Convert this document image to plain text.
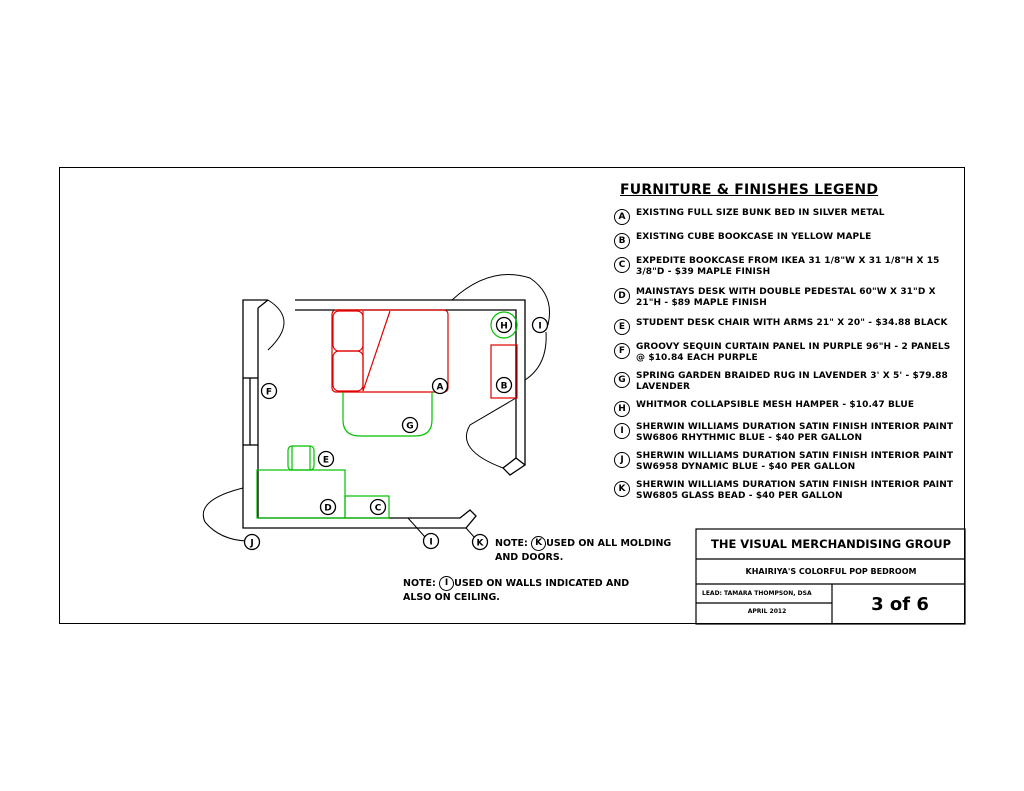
A	B
C
D
E
F
G
H	I
I
J	K
FURNITURE & FINISHES LEGEND
A	EXISTING FULL SIZE BUNK BED IN SILVER METAL
B	EXISTING CUBE BOOKCASE IN YELLOW MAPLE
C	EXPEDITE BOOKCASE FROM IKEA 31 1/8"W X 31 1/8"H X 15 3/8"D - $39 MAPLE FINISH
D	MAINSTAYS DESK WITH DOUBLE PEDESTAL 60"W X 31"D X 21"H - $89 MAPLE FINISH
E	STUDENT DESK CHAIR WITH ARMS 21" X 20" - $34.88 BLACK
F	GROOVY SEQUIN CURTAIN PANEL IN PURPLE 96"H - 2 PANELS @ $10.84 EACH PURPLE
G	SPRING GARDEN BRAIDED RUG IN LAVENDER 3' X 5' - $79.88 LAVENDER
H	WHITMOR COLLAPSIBLE MESH HAMPER - $10.47 BLUE
I	SHERWIN WILLIAMS DURATION SATIN FINISH INTERIOR PAINT SW6806 RHYTHMIC BLUE - $40 PER GALLON
J	SHERWIN WILLIAMS DURATION SATIN FINISH INTERIOR PAINT SW6958 DYNAMIC BLUE - $40 PER GALLON
K	SHERWIN WILLIAMS DURATION SATIN FINISH INTERIOR PAINT SW6805 GLASS BEAD - $40 PER GALLON
NOTE: K USED ON ALL MOLDING
AND DOORS.
NOTE: I USED ON WALLS INDICATED AND
ALSO ON CEILING.
THE VISUAL MERCHANDISING GROUP
KHAIRIYA'S COLORFUL POP BEDROOM
LEAD: TAMARA THOMPSON, DSA
APRIL 2012	3 of 6
